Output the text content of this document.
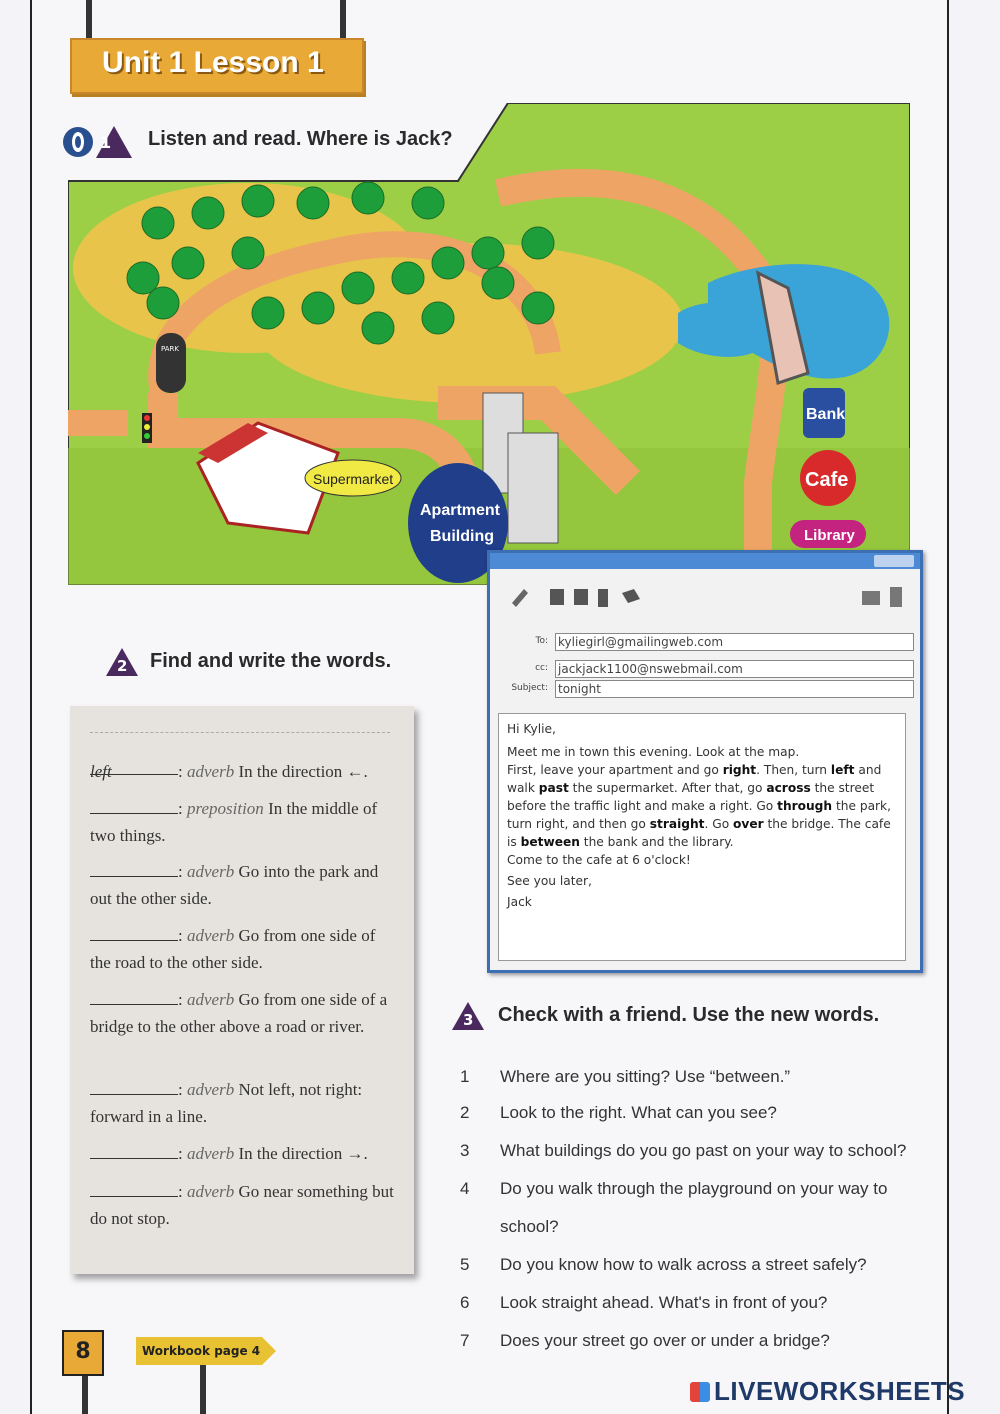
Unit 1 Lesson 1
1 Listen and read. Where is Jack?
PARK
Supermarket
Apartment
Building
Bank
Cafe
Library
To: kyliegirl@gmailingweb.com
cc: jackjack1100@nswebmail.com
Subject: tonight

Hi Kylie,

Meet me in town this evening. Look at the map.

First, leave your apartment and go right. Then, turn left and walk past the supermarket. After that, go across the street before the traffic light and make a right. Go through the park, turn right, and then go straight. Go over the bridge. The cafe is between the bank and the library.

Come to the cafe at 6 o'clock!

See you later,

Jack

2 Find and write the words.
left	: adverb In the direction ←.
: preposition In the middle of two things.
: adverb Go into the park and out the other side.
: adverb Go from one side of the road to the other side.
: adverb Go from one side of a bridge to the other above a road or river.
: adverb Not left, not right: forward in a line.
: adverb In the direction →.
: adverb Go near something but do not stop.
3 Check with a friend. Use the new words.
1	Where are you sitting? Use “between.”
2	Look to the right. What can you see?
3	What buildings do you go past on your way to school?
4	Do you walk through the playground on your way to school?
5	Do you know how to walk across a street safely?
6	Look straight ahead. What's in front of you?
7	Does your street go over or under a bridge?
8	Workbook page 4
LIVEWORKSHEETS
